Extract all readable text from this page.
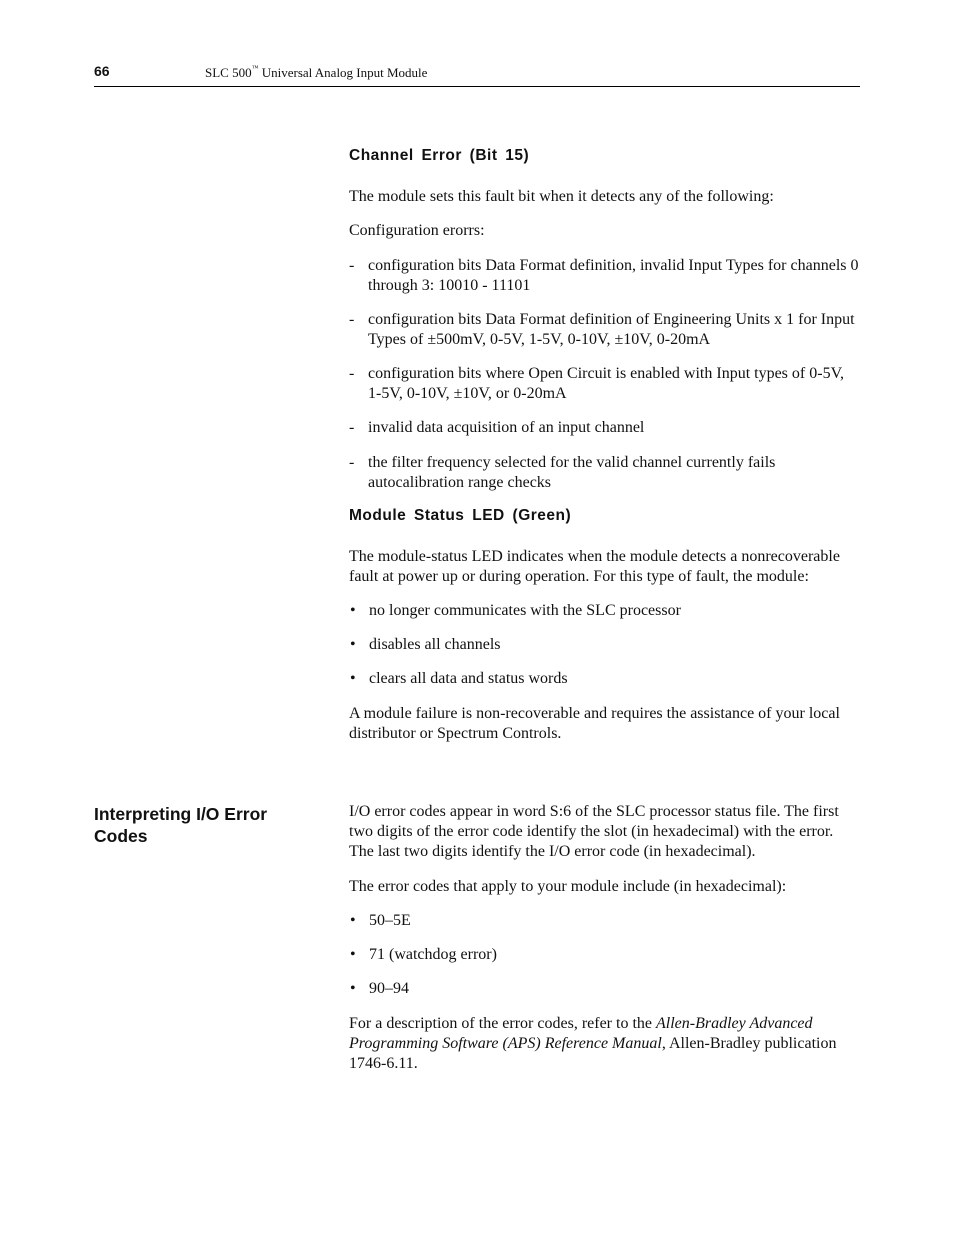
66	SLC 500™ Universal Analog Input Module
Interpreting I/O Error Codes
Channel Error (Bit 15)

The module sets this fault bit when it detects any of the following:

Configuration erorrs:

- configuration bits Data Format definition, invalid Input Types for channels 0 through 3: 10010 - 11101
- configuration bits Data Format definition of Engineering Units x 1 for Input Types of ±500mV, 0-5V, 1-5V, 0-10V, ±10V, 0-20mA
- configuration bits where Open Circuit is enabled with Input types of 0-5V, 1-5V, 0-10V, ±10V, or 0-20mA
- invalid data acquisition of an input channel
- the filter frequency selected for the valid channel currently fails autocalibration range checks
Module Status LED (Green)

The module-status LED indicates when the module detects a nonrecoverable fault at power up or during operation. For this type of fault, the module:

• no longer communicates with the SLC processor
• disables all channels
• clears all data and status words

A module failure is non-recoverable and requires the assistance of your local distributor or Spectrum Controls.

I/O error codes appear in word S:6 of the SLC processor status file. The first two digits of the error code identify the slot (in hexadecimal) with the error. The last two digits identify the I/O error code (in hexadecimal).

The error codes that apply to your module include (in hexadecimal):

• 50–5E
• 71 (watchdog error)
• 90–94

For a description of the error codes, refer to the Allen-Bradley Advanced Programming Software (APS) Reference Manual, Allen-Bradley publication 1746-6.11.
